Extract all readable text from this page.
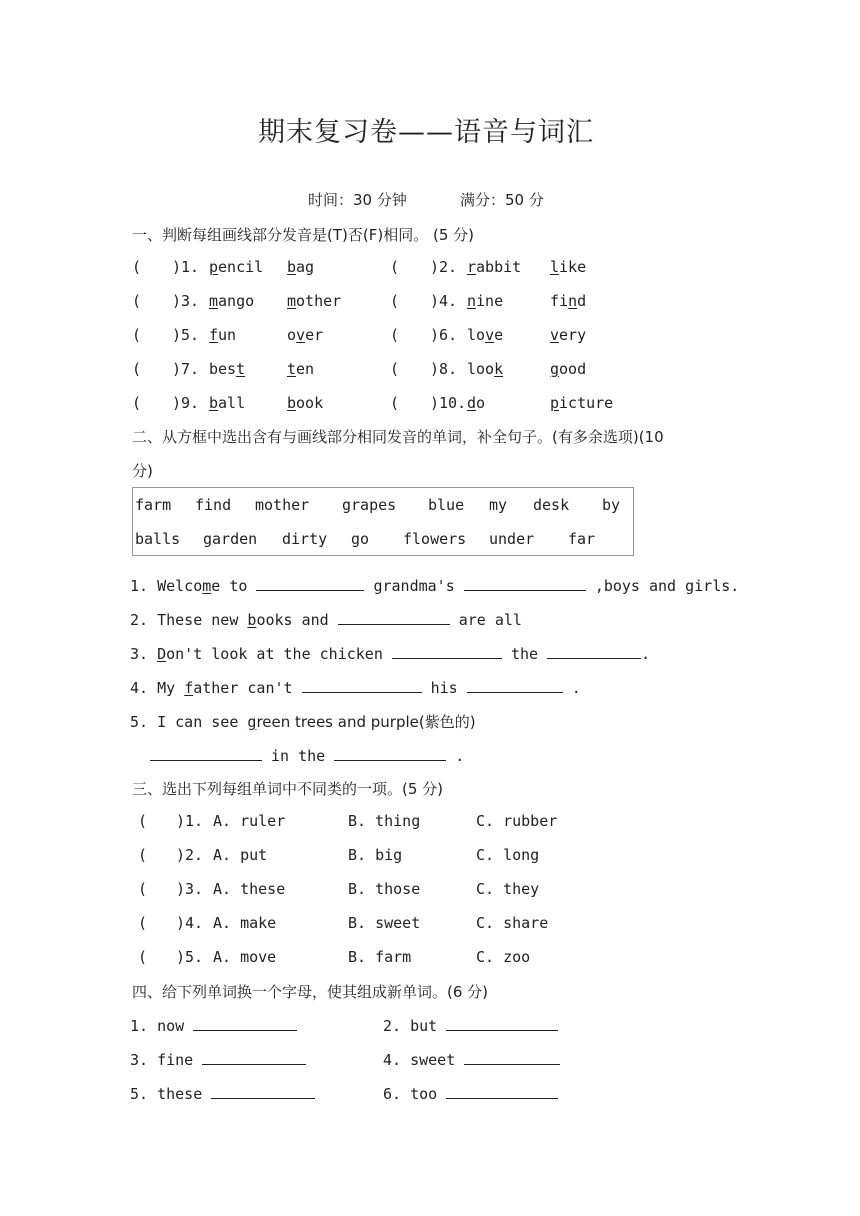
期末复习卷——语音与词汇
时间：30 分钟	满分：50 分
一、判断每组画线部分发音是(T)否(F)相同。 (5 分)
( )1. pencil bag	( )2. rabbit like
( )3. mango mother	( )4. nine	find
( )5. fun	over	( )6. love	very
( )7. best	ten	( )8. look	good
( )9. ball	book	( )10. do	picture
二、从方框中选出含有与画线部分相同发音的单词，补全句子。(有多余选项)(10
分)
farm find mother grapes blue my desk by
balls garden dirty go flowers under far
1. Welcome to	grandma's	,boys and girls.
2. These new books and	are all
3. Don't look at the chicken	the	.
4. My father can't	his	.
5. I can see green trees and purple(紫色的)
in the	.
三、选出下列每组单词中不同类的一项。(5 分)
( )1. A. ruler	B. thing	C. rubber
( )2. A. put	B. big	C. long
( )3. A. these	B. those	C. they
( )4. A. make	B. sweet	C. share
( )5. A. move	B. farm	C. zoo
四、给下列单词换一个字母，使其组成新单词。(6 分)
1. now	2. but
3. fine	4. sweet
5. these	6. too
